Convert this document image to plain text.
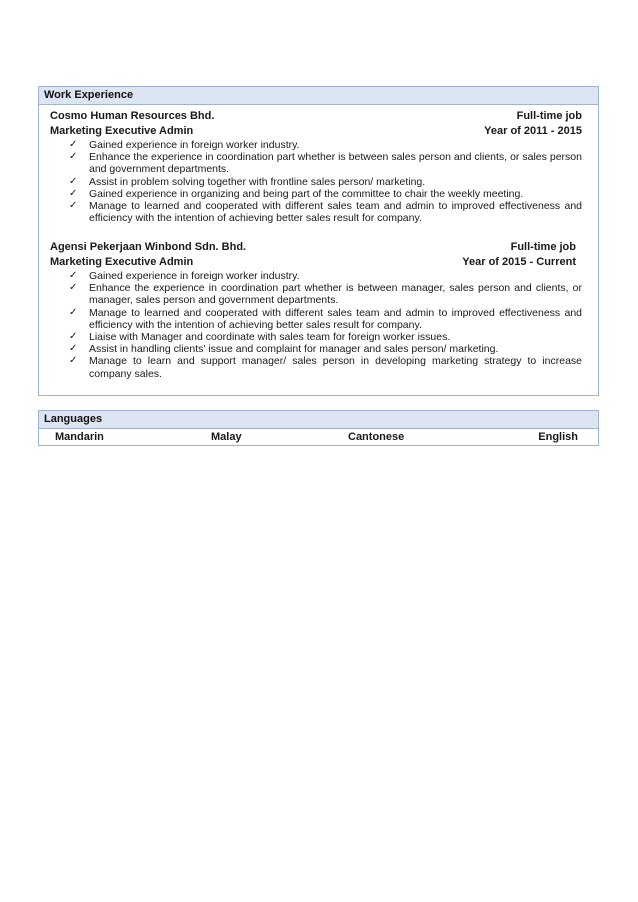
Work Experience
Cosmo Human Resources Bhd.	Full-time job
Marketing Executive Admin	Year of 2011 - 2015
✓ Gained experience in foreign worker industry.
✓ Enhance the experience in coordination part whether is between sales person and clients, or sales person and government departments.
✓ Assist in problem solving together with frontline sales person/ marketing.
✓ Gained experience in organizing and being part of the committee to chair the weekly meeting.
✓ Manage to learned and cooperated with different sales team and admin to improved effectiveness and efficiency with the intention of achieving better sales result for company.
Agensi Pekerjaan Winbond Sdn. Bhd.	Full-time job
Marketing Executive Admin	Year of 2015 - Current
✓ Gained experience in foreign worker industry.
✓ Enhance the experience in coordination part whether is between manager, sales person and clients, or manager, sales person and government departments.
✓ Manage to learned and cooperated with different sales team and admin to improved effectiveness and efficiency with the intention of achieving better sales result for company.
✓ Liaise with Manager and coordinate with sales team for foreign worker issues.
✓ Assist in handling clients' issue and complaint for manager and sales person/ marketing.
✓ Manage to learn and support manager/ sales person in developing marketing strategy to increase company sales.
Languages
Mandarin	Malay	Cantonese	English
